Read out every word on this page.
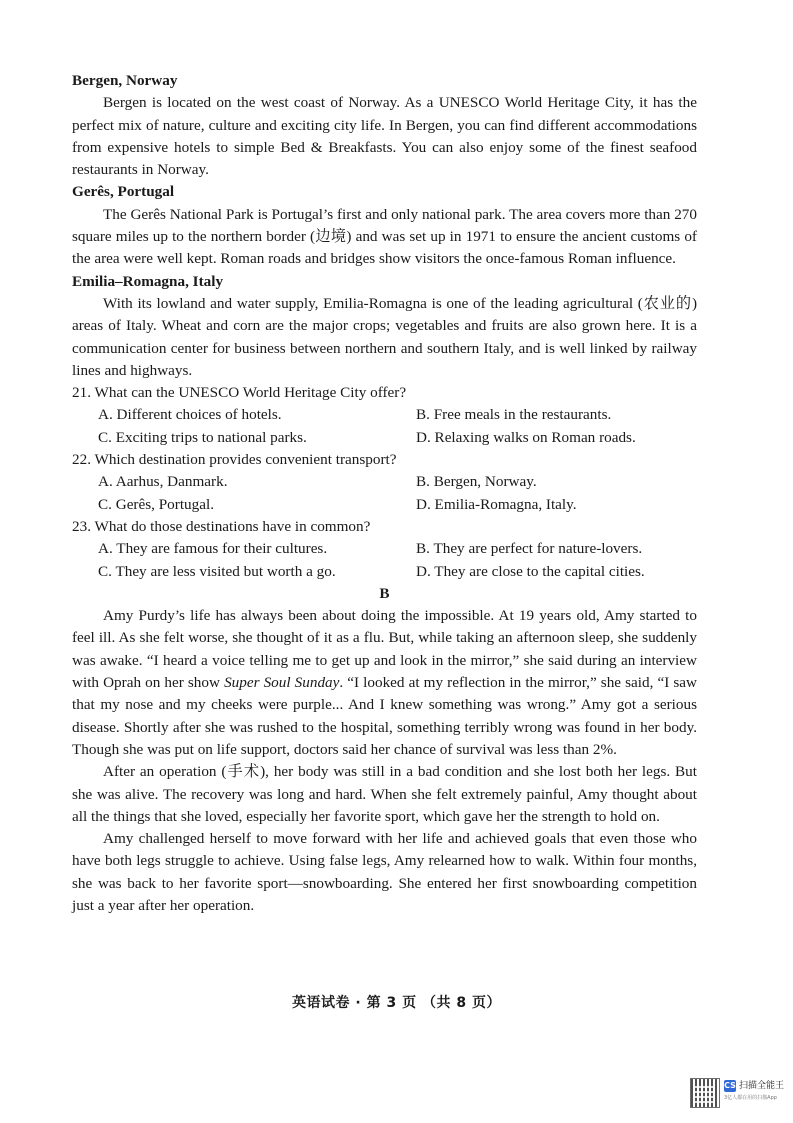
Bergen, Norway

Bergen is located on the west coast of Norway. As a UNESCO World Heritage City, it has the perfect mix of nature, culture and exciting city life. In Bergen, you can find different accommodations from expensive hotels to simple Bed & Breakfasts. You can also enjoy some of the finest seafood restaurants in Norway.

Gerês, Portugal

The Gerês National Park is Portugal’s first and only national park. The area covers more than 270 square miles up to the northern border (边境) and was set up in 1971 to ensure the ancient customs of the area were well kept. Roman roads and bridges show visitors the once-famous Roman influence.

Emilia–Romagna, Italy

With its lowland and water supply, Emilia-Romagna is one of the leading agricultural (农业的) areas of Italy. Wheat and corn are the major crops; vegetables and fruits are also grown here. It is a communication center for business between northern and southern Italy, and is well linked by railway lines and highways.

21. What can the UNESCO World Heritage City offer?

A. Different choices of hotels.	B. Free meals in the restaurants.
C. Exciting trips to national parks.	D. Relaxing walks on Roman roads.

22. Which destination provides convenient transport?

A. Aarhus, Danmark.	B. Bergen, Norway.
C. Gerês, Portugal.	D. Emilia-Romagna, Italy.

23. What do those destinations have in common?

A. They are famous for their cultures.	B. They are perfect for nature-lovers.
C. They are less visited but worth a go.	D. They are close to the capital cities.

B

Amy Purdy’s life has always been about doing the impossible. At 19 years old, Amy started to feel ill. As she felt worse, she thought of it as a flu. But, while taking an afternoon sleep, she suddenly was awake. “I heard a voice telling me to get up and look in the mirror,” she said during an interview with Oprah on her show Super Soul Sunday. “I looked at my reflection in the mirror,” she said, “I saw that my nose and my cheeks were purple... And I knew something was wrong.” Amy got a serious disease. Shortly after she was rushed to the hospital, something terribly wrong was found in her body. Though she was put on life support, doctors said her chance of survival was less than 2%.

After an operation (手术), her body was still in a bad condition and she lost both her legs. But she was alive. The recovery was long and hard. When she felt extremely painful, Amy thought about all the things that she loved, especially her favorite sport, which gave her the strength to hold on.

Amy challenged herself to move forward with her life and achieved goals that even those who have both legs struggle to achieve. Using false legs, Amy relearned how to walk. Within four months, she was back to her favorite sport—snowboarding. She entered her first snowboarding competition just a year after her operation.

英语试卷 · 第 3 页 （共 8 页）
CS 扫描全能王
3亿人都在用的扫描App
